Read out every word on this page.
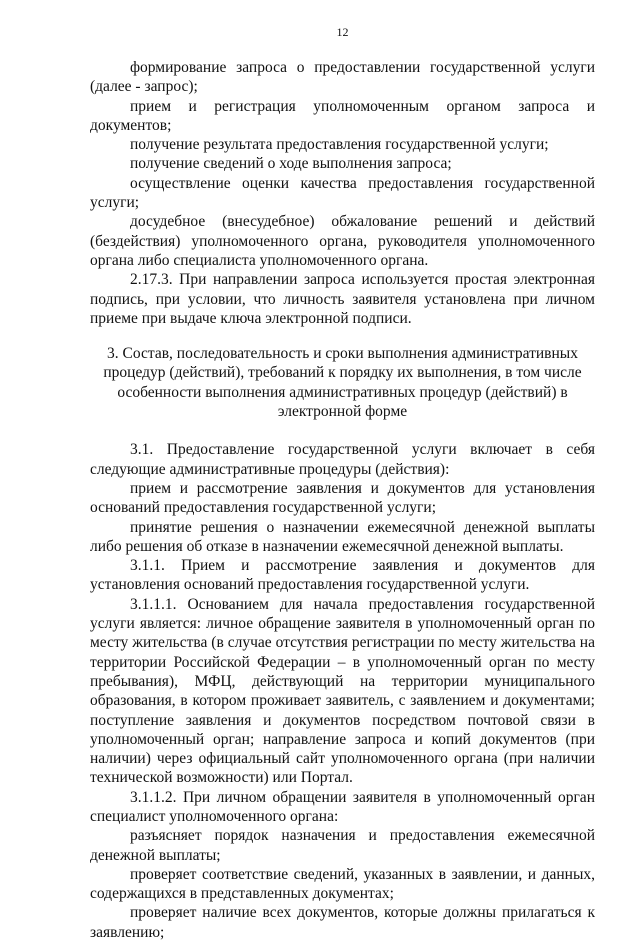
12

формирование запроса о предоставлении государственной услуги (далее - запрос);

прием и регистрация уполномоченным органом запроса и документов;

получение результата предоставления государственной услуги;

получение сведений о ходе выполнения запроса;

осуществление оценки качества предоставления государственной услуги;

досудебное (внесудебное) обжалование решений и действий (бездействия) уполномоченного органа, руководителя уполномоченного органа либо специалиста уполномоченного органа.

2.17.3. При направлении запроса используется простая электронная подпись, при условии, что личность заявителя установлена при личном приеме при выдаче ключа электронной подписи.

3. Состав, последовательность и сроки выполнения административных
процедур (действий), требований к порядку их выполнения, в том числе
особенности выполнения административных процедур (действий) в
электронной форме

3.1. Предоставление государственной услуги включает в себя следующие административные процедуры (действия):

прием и рассмотрение заявления и документов для установления оснований предоставления государственной услуги;

принятие решения о назначении ежемесячной денежной выплаты либо решения об отказе в назначении ежемесячной денежной выплаты.

3.1.1. Прием и рассмотрение заявления и документов для установления оснований предоставления государственной услуги.

3.1.1.1. Основанием для начала предоставления государственной услуги является: личное обращение заявителя в уполномоченный орган по месту жительства (в случае отсутствия регистрации по месту жительства на территории Российской Федерации – в уполномоченный орган по месту пребывания), МФЦ, действующий на территории муниципального образования, в котором проживает заявитель, с заявлением и документами; поступление заявления и документов посредством почтовой связи в уполномоченный орган; направление запроса и копий документов (при наличии) через официальный сайт уполномоченного органа (при наличии технической возможности) или Портал.

3.1.1.2. При личном обращении заявителя в уполномоченный орган специалист уполномоченного органа:

разъясняет порядок назначения и предоставления ежемесячной денежной выплаты;

проверяет соответствие сведений, указанных в заявлении, и данных, содержащихся в представленных документах;

проверяет наличие всех документов, которые должны прилагаться к заявлению;
